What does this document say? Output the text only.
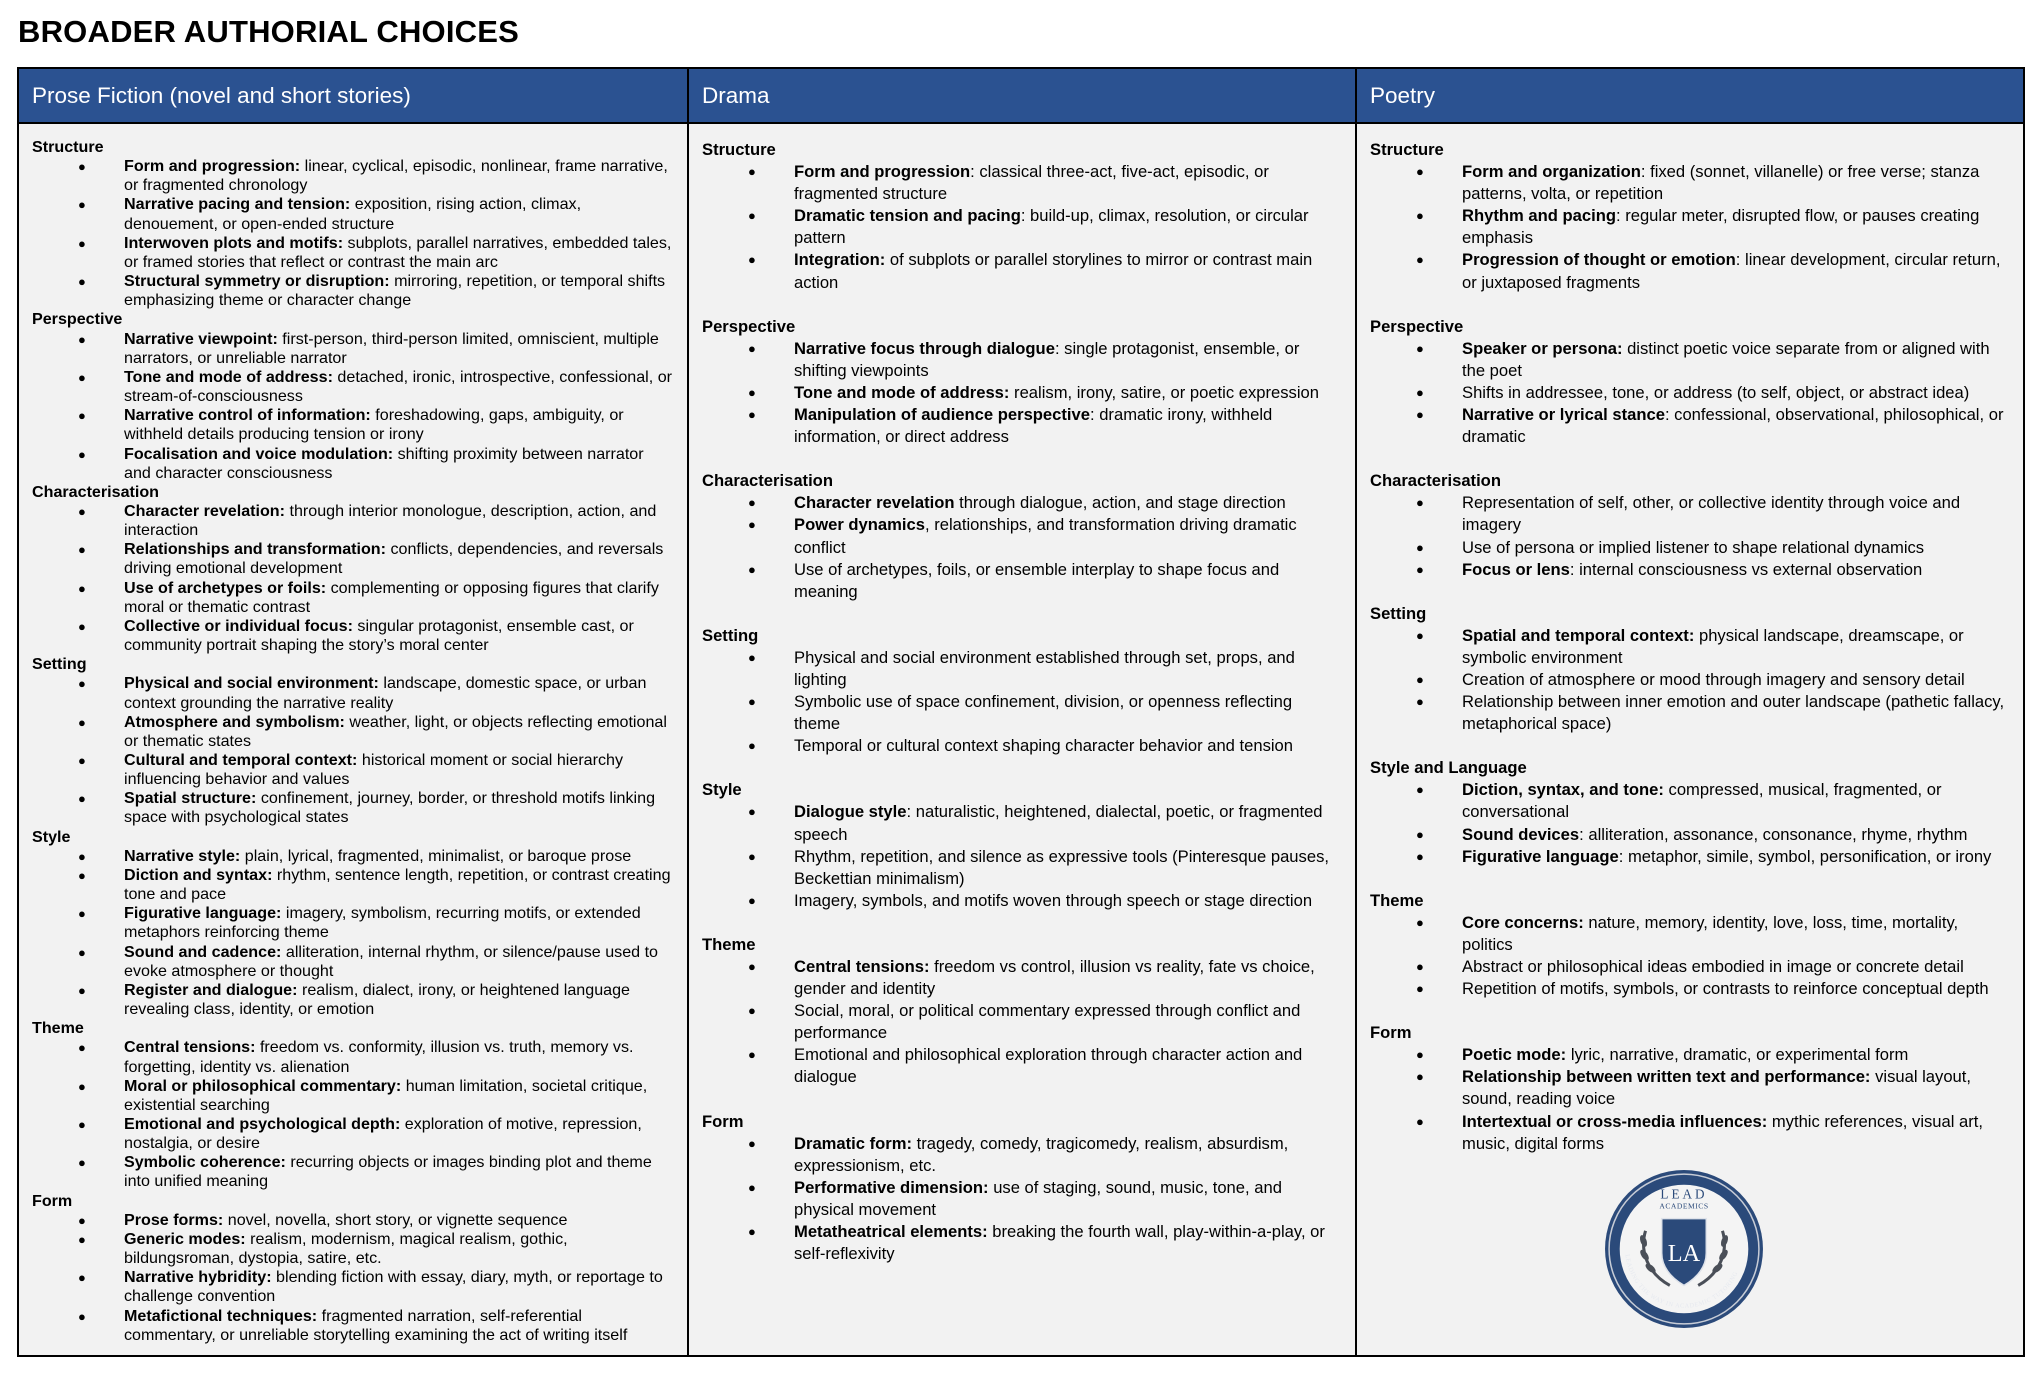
BROADER AUTHORIAL CHOICES
Prose Fiction (novel and short stories)	Drama	Poetry
Structure
● Form and progression: linear, cyclical, episodic, nonlinear, frame narrative, or fragmented chronology
● Narrative pacing and tension: exposition, rising action, climax, denouement, or open-ended structure
● Interwoven plots and motifs: subplots, parallel narratives, embedded tales, or framed stories that reflect or contrast the main arc
● Structural symmetry or disruption: mirroring, repetition, or temporal shifts emphasizing theme or character change
Perspective
● Narrative viewpoint: first-person, third-person limited, omniscient, multiple narrators, or unreliable narrator
● Tone and mode of address: detached, ironic, introspective, confessional, or stream-of-consciousness
● Narrative control of information: foreshadowing, gaps, ambiguity, or withheld details producing tension or irony
● Focalisation and voice modulation: shifting proximity between narrator and character consciousness
Characterisation
● Character revelation: through interior monologue, description, action, and interaction
● Relationships and transformation: conflicts, dependencies, and reversals driving emotional development
● Use of archetypes or foils: complementing or opposing figures that clarify moral or thematic contrast
● Collective or individual focus: singular protagonist, ensemble cast, or community portrait shaping the story’s moral center
Setting
● Physical and social environment: landscape, domestic space, or urban context grounding the narrative reality
● Atmosphere and symbolism: weather, light, or objects reflecting emotional or thematic states
● Cultural and temporal context: historical moment or social hierarchy influencing behavior and values
● Spatial structure: confinement, journey, border, or threshold motifs linking space with psychological states
Style
● Narrative style: plain, lyrical, fragmented, minimalist, or baroque prose
● Diction and syntax: rhythm, sentence length, repetition, or contrast creating tone and pace
● Figurative language: imagery, symbolism, recurring motifs, or extended metaphors reinforcing theme
● Sound and cadence: alliteration, internal rhythm, or silence/pause used to evoke atmosphere or thought
● Register and dialogue: realism, dialect, irony, or heightened language revealing class, identity, or emotion
Theme
● Central tensions: freedom vs. conformity, illusion vs. truth, memory vs. forgetting, identity vs. alienation
● Moral or philosophical commentary: human limitation, societal critique, existential searching
● Emotional and psychological depth: exploration of motive, repression, nostalgia, or desire
● Symbolic coherence: recurring objects or images binding plot and theme into unified meaning
Form
● Prose forms: novel, novella, short story, or vignette sequence
● Generic modes: realism, modernism, magical realism, gothic, bildungsroman, dystopia, satire, etc.
● Narrative hybridity: blending fiction with essay, diary, myth, or reportage to challenge convention
● Metafictional techniques: fragmented narration, self-referential commentary, or unreliable storytelling examining the act of writing itself
Structure
● Form and progression: classical three-act, five-act, episodic, or fragmented structure
● Dramatic tension and pacing: build-up, climax, resolution, or circular pattern
● Integration: of subplots or parallel storylines to mirror or contrast main action
Perspective
● Narrative focus through dialogue: single protagonist, ensemble, or shifting viewpoints
● Tone and mode of address: realism, irony, satire, or poetic expression
● Manipulation of audience perspective: dramatic irony, withheld information, or direct address
Characterisation
● Character revelation through dialogue, action, and stage direction
● Power dynamics, relationships, and transformation driving dramatic conflict
● Use of archetypes, foils, or ensemble interplay to shape focus and meaning
Setting
● Physical and social environment established through set, props, and lighting
● Symbolic use of space confinement, division, or openness reflecting theme
● Temporal or cultural context shaping character behavior and tension
Style
● Dialogue style: naturalistic, heightened, dialectal, poetic, or fragmented speech
● Rhythm, repetition, and silence as expressive tools (Pinteresque pauses, Beckettian minimalism)
● Imagery, symbols, and motifs woven through speech or stage direction
Theme
● Central tensions: freedom vs control, illusion vs reality, fate vs choice, gender and identity
● Social, moral, or political commentary expressed through conflict and performance
● Emotional and philosophical exploration through character action and dialogue
Form
● Dramatic form: tragedy, comedy, tragicomedy, realism, absurdism, expressionism, etc.
● Performative dimension: use of staging, sound, music, tone, and physical movement
● Metatheatrical elements: breaking the fourth wall, play-within-a-play, or self-reflexivity
Structure
● Form and organization: fixed (sonnet, villanelle) or free verse; stanza patterns, volta, or repetition
● Rhythm and pacing: regular meter, disrupted flow, or pauses creating emphasis
● Progression of thought or emotion: linear development, circular return, or juxtaposed fragments
Perspective
● Speaker or persona: distinct poetic voice separate from or aligned with the poet
● Shifts in addressee, tone, or address (to self, object, or abstract idea)
● Narrative or lyrical stance: confessional, observational, philosophical, or dramatic
Characterisation
● Representation of self, other, or collective identity through voice and imagery
● Use of persona or implied listener to shape relational dynamics
● Focus or lens: internal consciousness vs external observation
Setting
● Spatial and temporal context: physical landscape, dreamscape, or symbolic environment
● Creation of atmosphere or mood through imagery and sensory detail
● Relationship between inner emotion and outer landscape (pathetic fallacy, metaphorical space)
Style and Language
● Diction, syntax, and tone: compressed, musical, fragmented, or conversational
● Sound devices: alliteration, assonance, consonance, rhyme, rhythm
● Figurative language: metaphor, simile, symbol, personification, or irony
Theme
● Core concerns: nature, memory, identity, love, loss, time, mortality, politics
● Abstract or philosophical ideas embodied in image or concrete detail
● Repetition of motifs, symbols, or contrasts to reinforce conceptual depth
Form
● Poetic mode: lyric, narrative, dramatic, or experimental form
● Relationship between written text and performance: visual layout, sound, reading voice
● Intertextual or cross-media influences: mythic references, visual art, music, digital forms
LEADING THE WAY IN ACADEMIC TUTORING
LEAD
ACADEMICS
LA
